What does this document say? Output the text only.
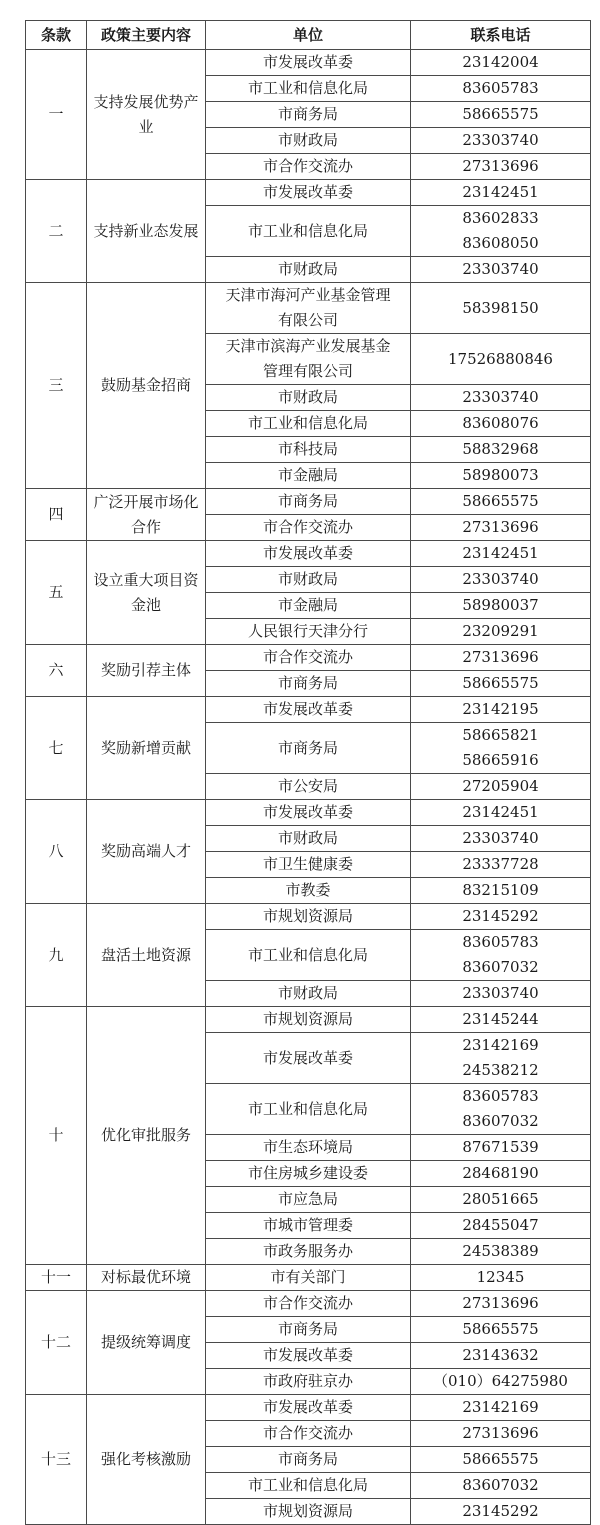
条款	政策主要内容	单位	联系电话
一	支持发展优势产业	市发展改革委	23142004

		市工业和信息化局	83605783

		市商务局	58665575

		市财政局	23303740

		市合作交流办	27313696

二	支持新业态发展	市发展改革委	23142451

		市工业和信息化局	83602833
83608050

		市财政局	23303740

三	鼓励基金招商	天津市海河产业基金管理
有限公司	58398150

		天津市滨海产业发展基金
管理有限公司	17526880846

		市财政局	23303740

		市工业和信息化局	83608076

		市科技局	58832968

		市金融局	58980073

四	广泛开展市场化合作	市商务局	58665575

		市合作交流办	27313696

五	设立重大项目资金池	市发展改革委	23142451

		市财政局	23303740

		市金融局	58980037

		人民银行天津分行	23209291

六	奖励引荐主体	市合作交流办	27313696

		市商务局	58665575

七	奖励新增贡献	市发展改革委	23142195

		市商务局	58665821
58665916

		市公安局	27205904

八	奖励高端人才	市发展改革委	23142451

		市财政局	23303740

		市卫生健康委	23337728

		市教委	83215109

九	盘活土地资源	市规划资源局	23145292

		市工业和信息化局	83605783
83607032

		市财政局	23303740

十	优化审批服务	市规划资源局	23145244

		市发展改革委	23142169
24538212

		市工业和信息化局	83605783
83607032

		市生态环境局	87671539

		市住房城乡建设委	28468190

		市应急局	28051665

		市城市管理委	28455047

		市政务服务办	24538389

十一	对标最优环境	市有关部门	12345

十二	提级统筹调度	市合作交流办	27313696

		市商务局	58665575

		市发展改革委	23143632

		市政府驻京办	（010）64275980

十三	强化考核激励	市发展改革委	23142169

		市合作交流办	27313696

		市商务局	58665575

		市工业和信息化局	83607032

		市规划资源局	23145292
